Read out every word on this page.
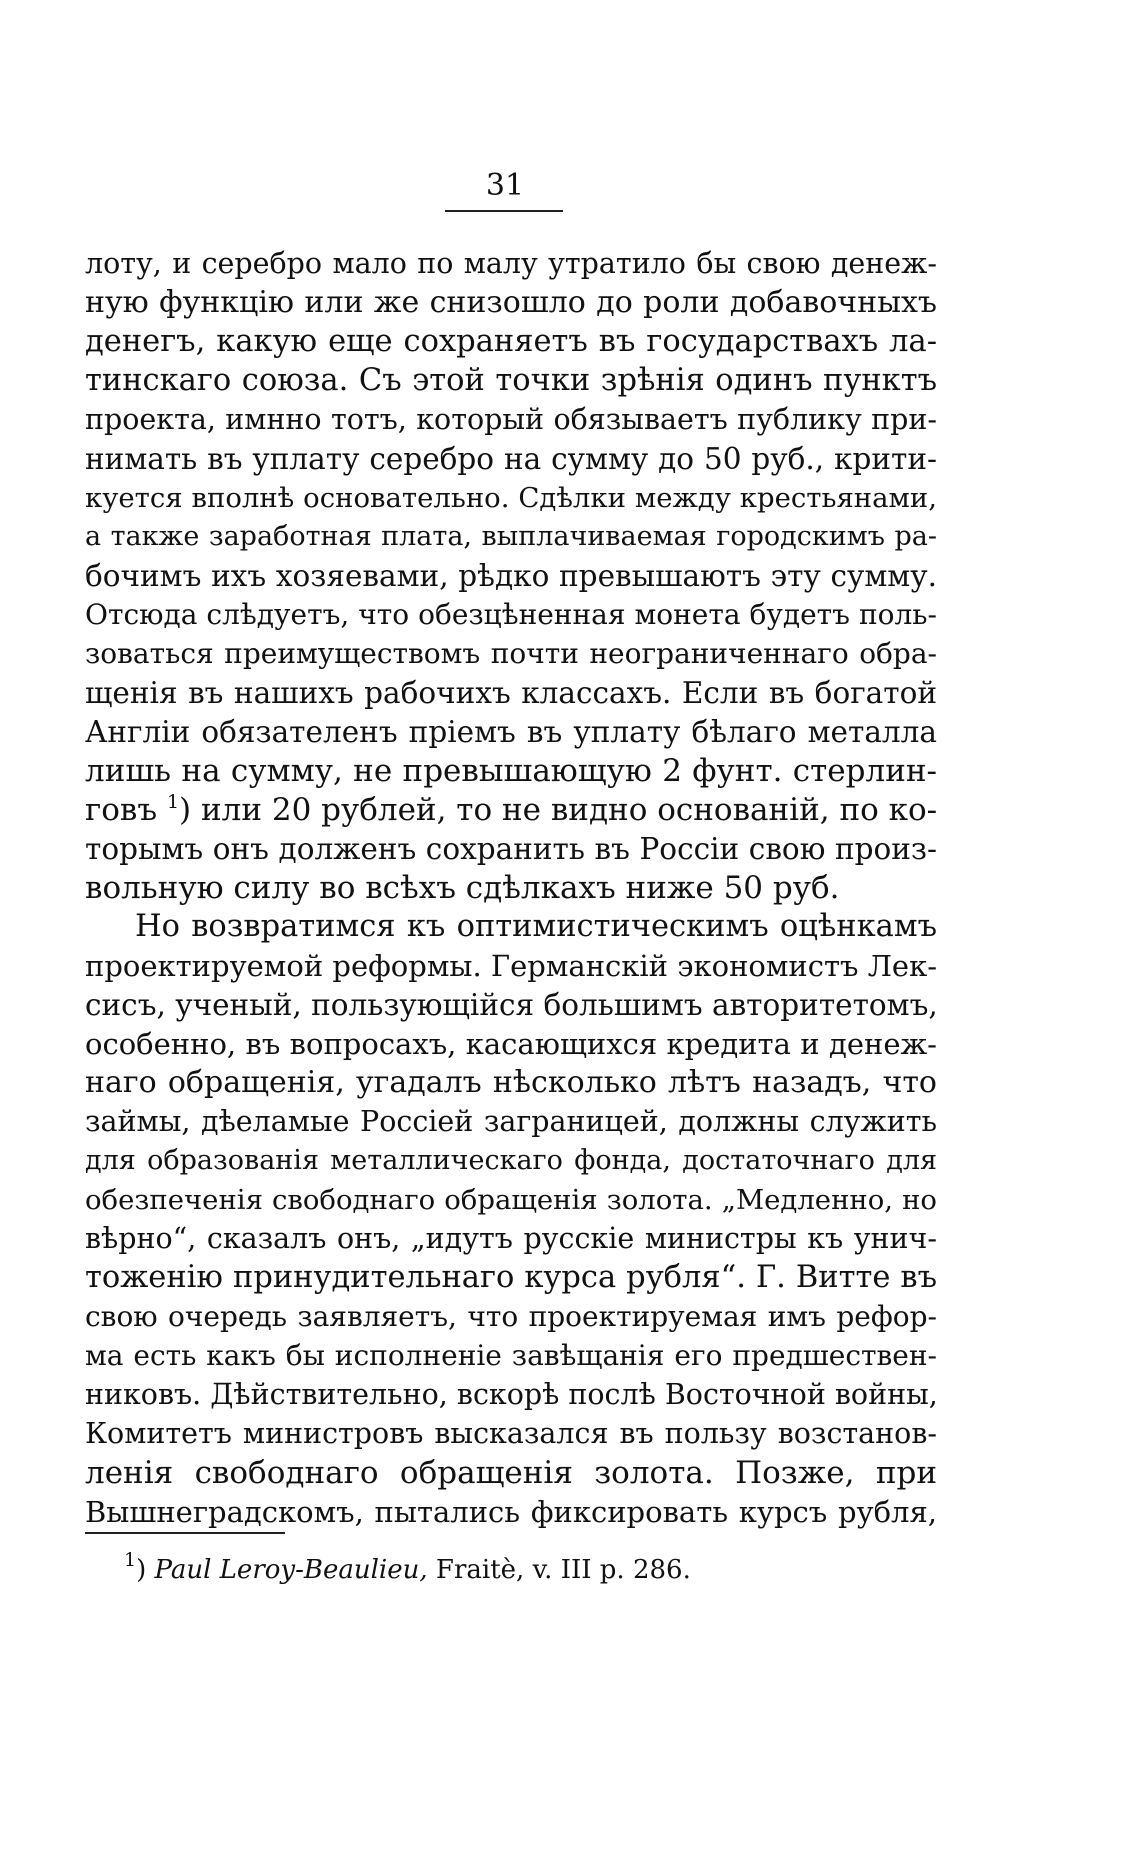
31
лоту, и серебро мало по малу утратило бы свою денеж-
ную функцію или же снизошло до роли добавочныхъ
денегъ, какую еще сохраняетъ въ государствахъ ла-
тинскаго союза. Съ этой точки зрѣнія одинъ пунктъ
проекта, имнно тотъ, который обязываетъ публику при-
нимать въ уплату серебро на сумму до 50 руб., крити-
куется вполнѣ основательно. Сдѣлки между крестьянами,
а также заработная плата, выплачиваемая городскимъ ра-
бочимъ ихъ хозяевами, рѣдко превышаютъ эту сумму.
Отсюда слѣдуетъ, что обезцѣненная монета будетъ поль-
зоваться преимуществомъ почти неограниченнаго обра-
щенія въ нашихъ рабочихъ классахъ. Если въ богатой
Англіи обязателенъ пріемъ въ уплату бѣлаго металла
лишь на сумму, не превышающую 2 фунт. стерлин-
говъ $^1$) или 20 рублей, то не видно основаній, по ко-
торымъ онъ долженъ сохранить въ Россіи свою произ-
вольную силу во всѣхъ сдѣлкахъ ниже 50 руб.
Но возвратимся къ оптимистическимъ оцѣнкамъ
проектируемой реформы. Германскій экономистъ Лек-
сисъ, ученый, пользующійся большимъ авторитетомъ,
особенно, въ вопросахъ, касающихся кредита и денеж-
наго обращенія, угадалъ нѣсколько лѣтъ назадъ, что
займы, дѣеламые Россіей заграницей, должны служить
для образованія металлическаго фонда, достаточнаго для
обезпеченія свободнаго обращенія золота. „Медленно, но
вѣрно“, сказалъ онъ, „идутъ русскіе министры къ унич-
тоженію принудительнаго курса рубля“. Г. Витте въ
свою очередь заявляетъ, что проектируемая имъ рефор-
ма есть какъ бы исполненіе завѣщанія его предшествен-
никовъ. Дѣйствительно, вскорѣ послѣ Восточной войны,
Комитетъ министровъ высказался въ пользу возстанов-
ленія свободнаго обращенія золота. Позже, при
Вышнеградскомъ, пытались фиксировать курсъ рубля,
$^1$) Paul Leroy-Beaulieu, Fraitè, v. III p. 286.
